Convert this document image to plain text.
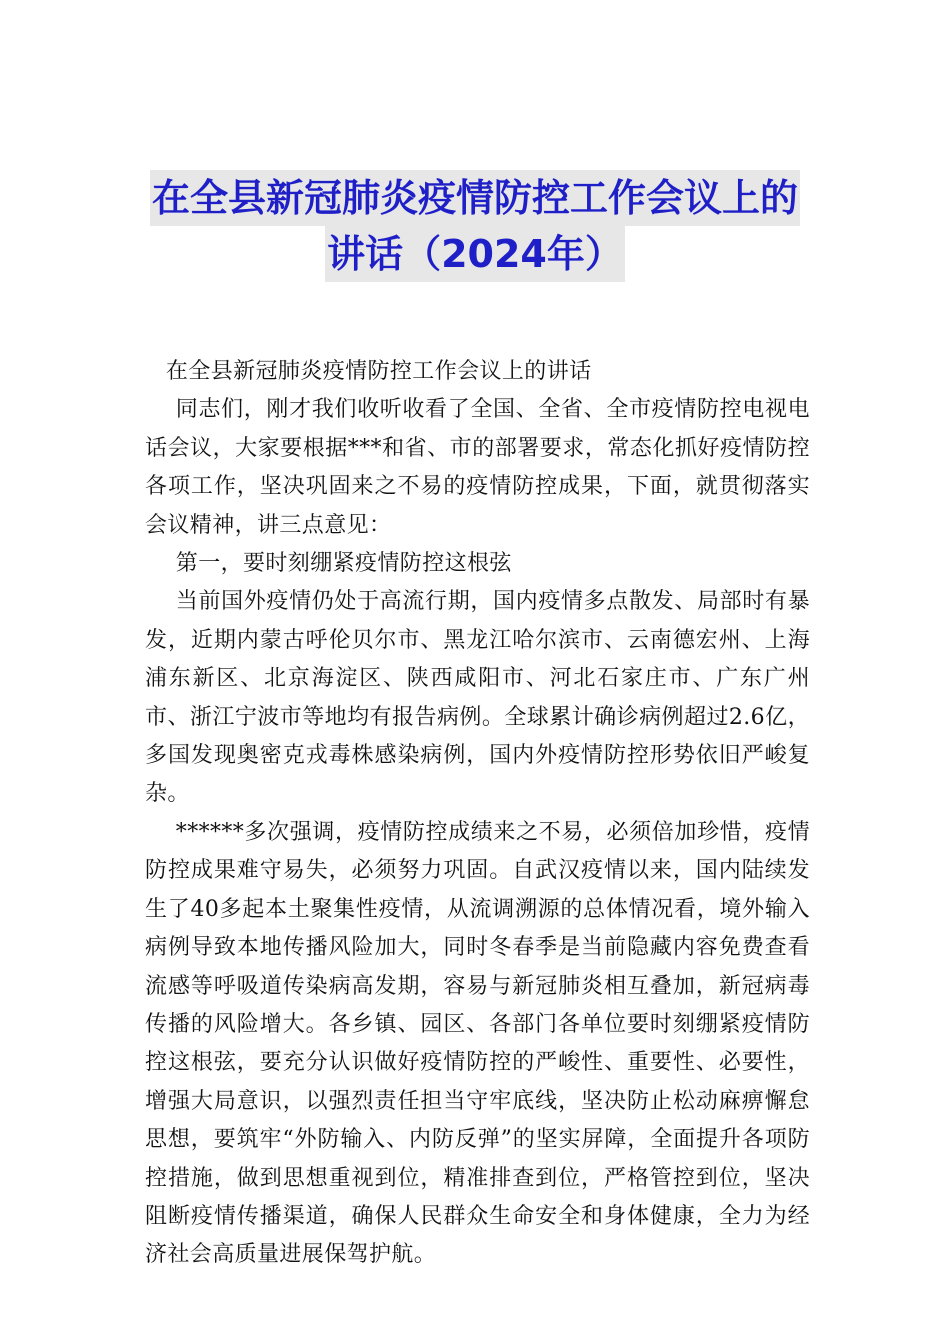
在全县新冠肺炎疫情防控工作会议上的
讲话（2024年）

在全县新冠肺炎疫情防控工作会议上的讲话

同志们，刚才我们收听收看了全国、全省、全市疫情防控电视电话会议，大家要根据***和省、市的部署要求，常态化抓好疫情防控各项工作，坚决巩固来之不易的疫情防控成果，下面，就贯彻落实会议精神，讲三点意见：

第一，要时刻绷紧疫情防控这根弦

当前国外疫情仍处于高流行期，国内疫情多点散发、局部时有暴发，近期内蒙古呼伦贝尔市、黑龙江哈尔滨市、云南德宏州、上海浦东新区、北京海淀区、陕西咸阳市、河北石家庄市、广东广州市、浙江宁波市等地均有报告病例。全球累计确诊病例超过2.6亿，多国发现奥密克戎毒株感染病例，国内外疫情防控形势依旧严峻复杂。

******多次强调，疫情防控成绩来之不易，必须倍加珍惜，疫情防控成果难守易失，必须努力巩固。自武汉疫情以来，国内陆续发生了40多起本土聚集性疫情，从流调溯源的总体情况看，境外输入病例导致本地传播风险加大，同时冬春季是当前隐藏内容免费查看流感等呼吸道传染病高发期，容易与新冠肺炎相互叠加，新冠病毒传播的风险增大。各乡镇、园区、各部门各单位要时刻绷紧疫情防控这根弦，要充分认识做好疫情防控的严峻性、重要性、必要性，增强大局意识，以强烈责任担当守牢底线，坚决防止松动麻痹懈怠思想，要筑牢“外防输入、内防反弹”的坚实屏障，全面提升各项防控措施，做到思想重视到位，精准排查到位，严格管控到位，坚决阻断疫情传播渠道，确保人民群众生命安全和身体健康，全力为经济社会高质量进展保驾护航。
